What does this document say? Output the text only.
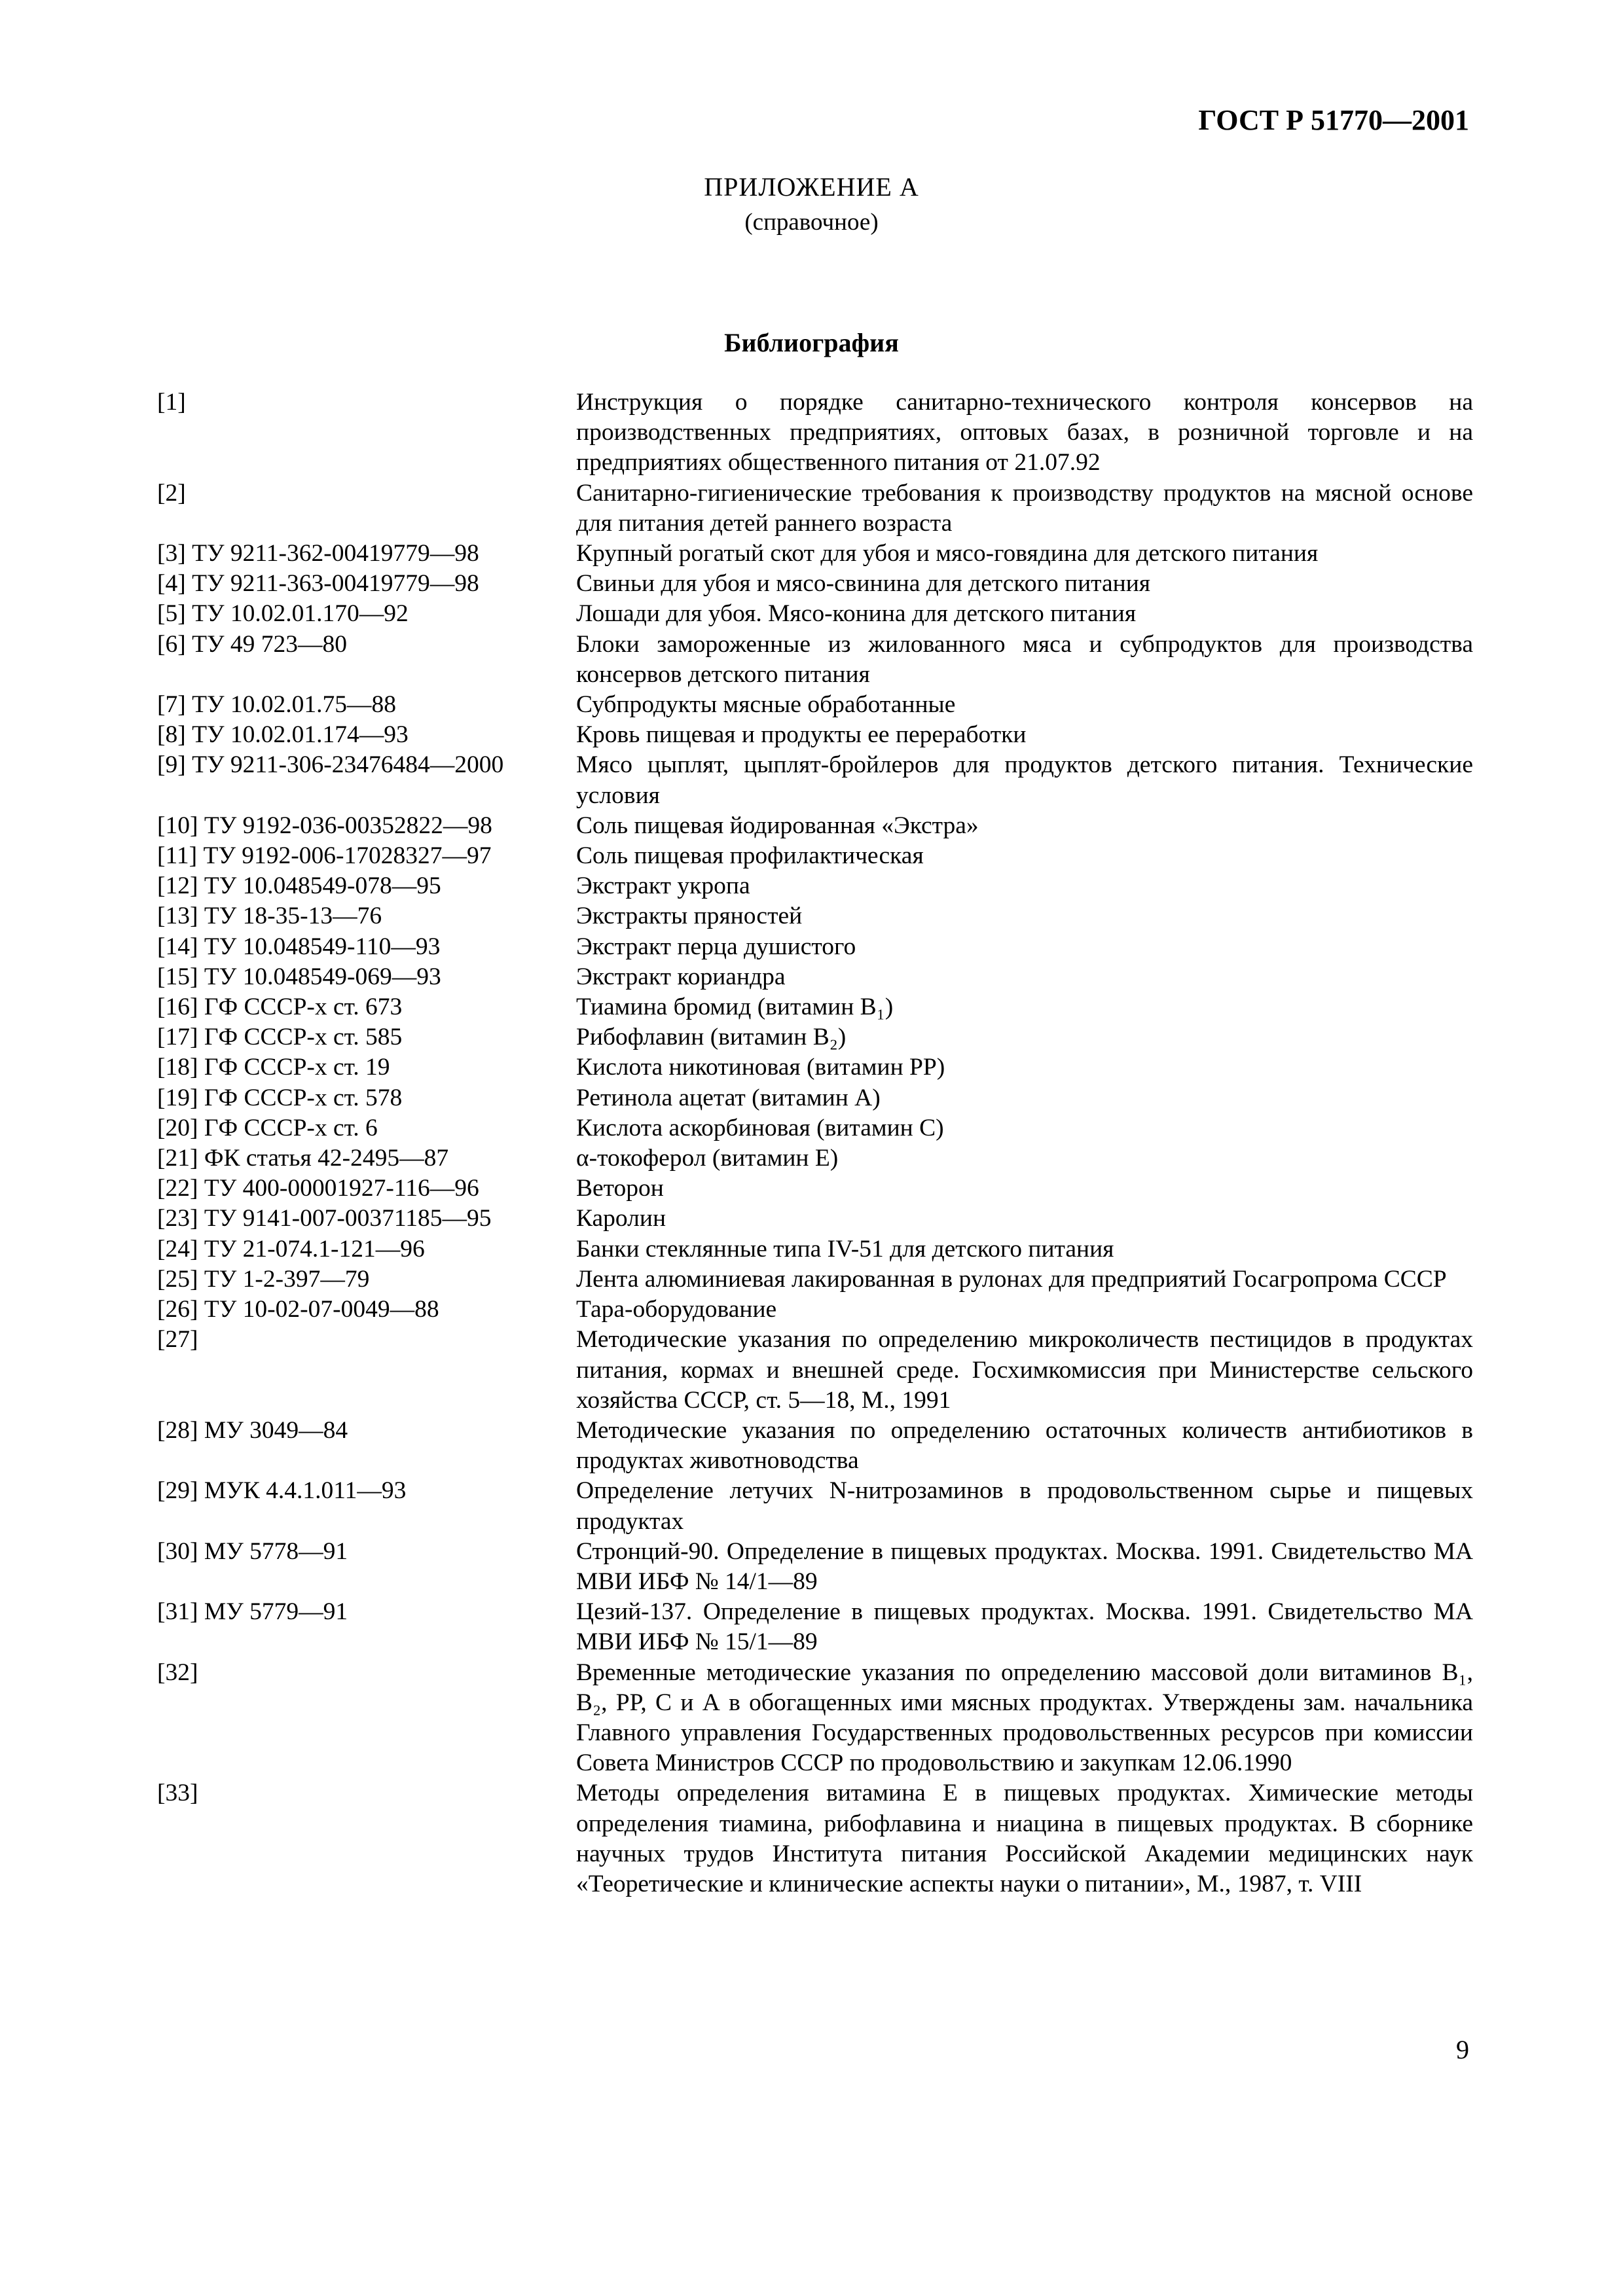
ГОСТ Р 51770—2001
ПРИЛОЖЕНИЕ А
(справочное)
Библиография
[1]	Инструкция о порядке санитарно-технического контроля консервов на производственных предприятиях, оптовых базах, в розничной торговле и на предприятиях общественного питания от 21.07.92
[2]	Санитарно-гигиенические требования к производству продуктов на мясной основе для питания детей раннего возраста
[3] ТУ 9211-362-00419779—98	Крупный рогатый скот для убоя и мясо-говядина для детского питания
[4] ТУ 9211-363-00419779—98	Свиньи для убоя и мясо-свинина для детского питания
[5] ТУ 10.02.01.170—92	Лошади для убоя. Мясо-конина для детского питания
[6] ТУ 49 723—80	Блоки замороженные из жилованного мяса и субпродуктов для производства консервов детского питания
[7] ТУ 10.02.01.75—88	Субпродукты мясные обработанные
[8] ТУ 10.02.01.174—93	Кровь пищевая и продукты ее переработки
[9] ТУ 9211-306-23476484—2000	Мясо цыплят, цыплят-бройлеров для продуктов детского питания. Технические условия
[10] ТУ 9192-036-00352822—98	Соль пищевая йодированная «Экстра»
[11] ТУ 9192-006-17028327—97	Соль пищевая профилактическая
[12] ТУ 10.048549-078—95	Экстракт укропа
[13] ТУ 18-35-13—76	Экстракты пряностей
[14] ТУ 10.048549-110—93	Экстракт перца душистого
[15] ТУ 10.048549-069—93	Экстракт кориандра
[16] ГФ СССР-х ст. 673	Тиамина бромид (витамин B₁)
[17] ГФ СССР-х ст. 585	Рибофлавин (витамин B₂)
[18] ГФ СССР-х ст. 19	Кислота никотиновая (витамин PP)
[19] ГФ СССР-х ст. 578	Ретинола ацетат (витамин А)
[20] ГФ СССР-х ст. 6	Кислота аскорбиновая (витамин С)
[21] ФК статья 42-2495—87	α-токоферол (витамин Е)
[22] ТУ 400-00001927-116—96	Веторон
[23] ТУ 9141-007-00371185—95	Каролин
[24] ТУ 21-074.1-121—96	Банки стеклянные типа IV-51 для детского питания
[25] ТУ 1-2-397—79	Лента алюминиевая лакированная в рулонах для предприятий Госагропрома СССР
[26] ТУ 10-02-07-0049—88	Тара-оборудование
[27]	Методические указания по определению микроколичеств пестицидов в продуктах питания, кормах и внешней среде. Госхимкомиссия при Министерстве сельского хозяйства СССР, ст. 5—18, М., 1991
[28] МУ 3049—84	Методические указания по определению остаточных количеств антибиотиков в продуктах животноводства
[29] МУК 4.4.1.011—93	Определение летучих N-нитрозаминов в продовольственном сырье и пищевых продуктах
[30] МУ 5778—91	Стронций-90. Определение в пищевых продуктах. Москва. 1991. Свидетельство МА МВИ ИБФ № 14/1—89
[31] МУ 5779—91	Цезий-137. Определение в пищевых продуктах. Москва. 1991. Свидетельство МА МВИ ИБФ № 15/1—89
[32]	Временные методические указания по определению массовой доли витаминов B₁, B₂, PP, С и А в обогащенных ими мясных продуктах. Утверждены зам. начальника Главного управления Государственных продовольственных ресурсов при комиссии Совета Министров СССР по продовольствию и закупкам 12.06.1990
[33]	Методы определения витамина Е в пищевых продуктах. Химические методы определения тиамина, рибофлавина и ниацина в пищевых продуктах. В сборнике научных трудов Института питания Российской Академии медицинских наук «Теоретические и клинические аспекты науки о питании», М., 1987, т. VIII
9
